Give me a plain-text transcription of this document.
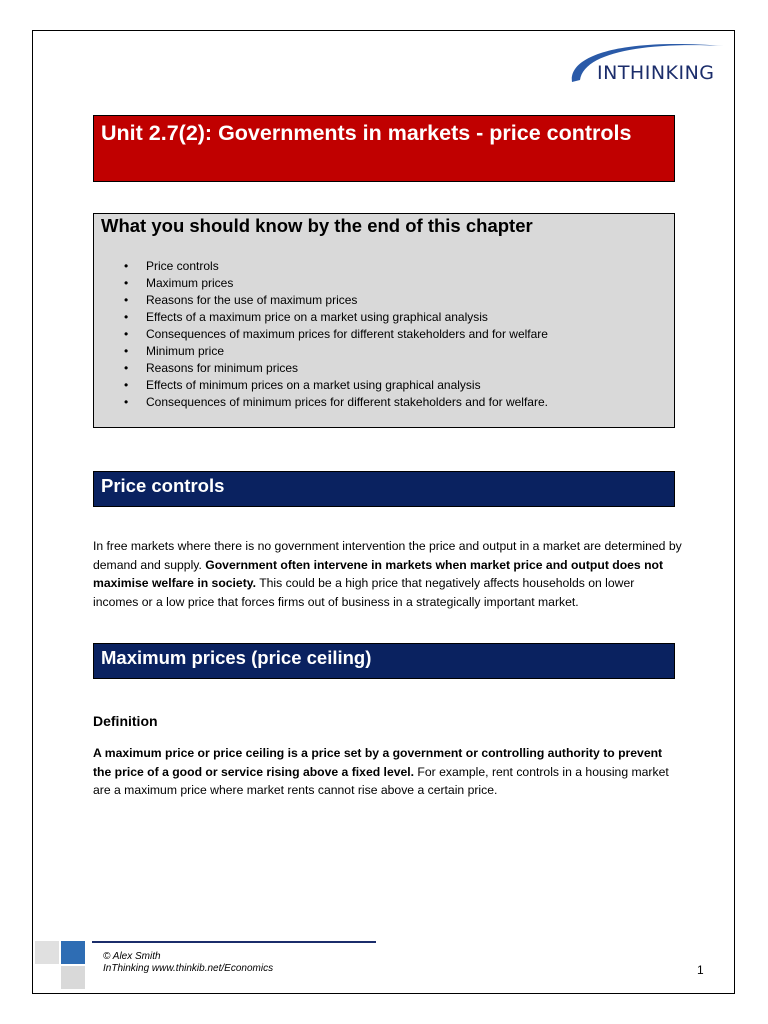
INTHINKING
Unit 2.7(2): Governments in markets - price controls
What you should know by the end of this chapter
• Price controls
• Maximum prices
• Reasons for the use of maximum prices
• Effects of a maximum price on a market using graphical analysis
• Consequences of maximum prices for different stakeholders and for welfare
• Minimum price
• Reasons for minimum prices
• Effects of minimum prices on a market using graphical analysis
• Consequences of minimum prices for different stakeholders and for welfare.
Price controls

In free markets where there is no government intervention the price and output in a market are determined by demand and supply. Government often intervene in markets when market price and output does not maximise welfare in society. This could be a high price that negatively affects households on lower incomes or a low price that forces firms out of business in a strategically important market.

Maximum prices (price ceiling)
Definition

A maximum price or price ceiling is a price set by a government or controlling authority to prevent the price of a good or service rising above a fixed level. For example, rent controls in a housing market are a maximum price where market rents cannot rise above a certain price.

© Alex Smith
InThinking www.thinkib.net/Economics	1
